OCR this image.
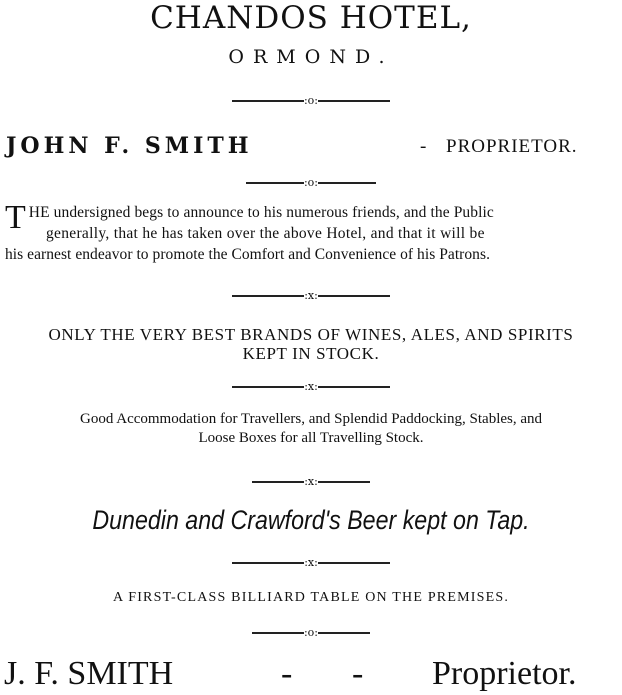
CHANDOS HOTEL,
ORMOND.
:o:
JOHN F. SMITH	- PROPRIETOR.
:o:
T HE undersigned begs to announce to his numerous friends, and the Public
generally, that he has taken over the above Hotel, and that it will be
his earnest endeavor to promote the Comfort and Convenience of his Patrons.
:x:
ONLY THE VERY BEST BRANDS OF WINES, ALES, AND SPIRITS
KEPT IN STOCK.
:x:
Good Accommodation for Travellers, and Splendid Paddocking, Stables, and
Loose Boxes for all Travelling Stock.
:x:
Dunedin and Crawford's Beer kept on Tap.
:x:
A FIRST-CLASS BILLIARD TABLE ON THE PREMISES.
:o:
J. F. SMITH	- - Proprietor.
